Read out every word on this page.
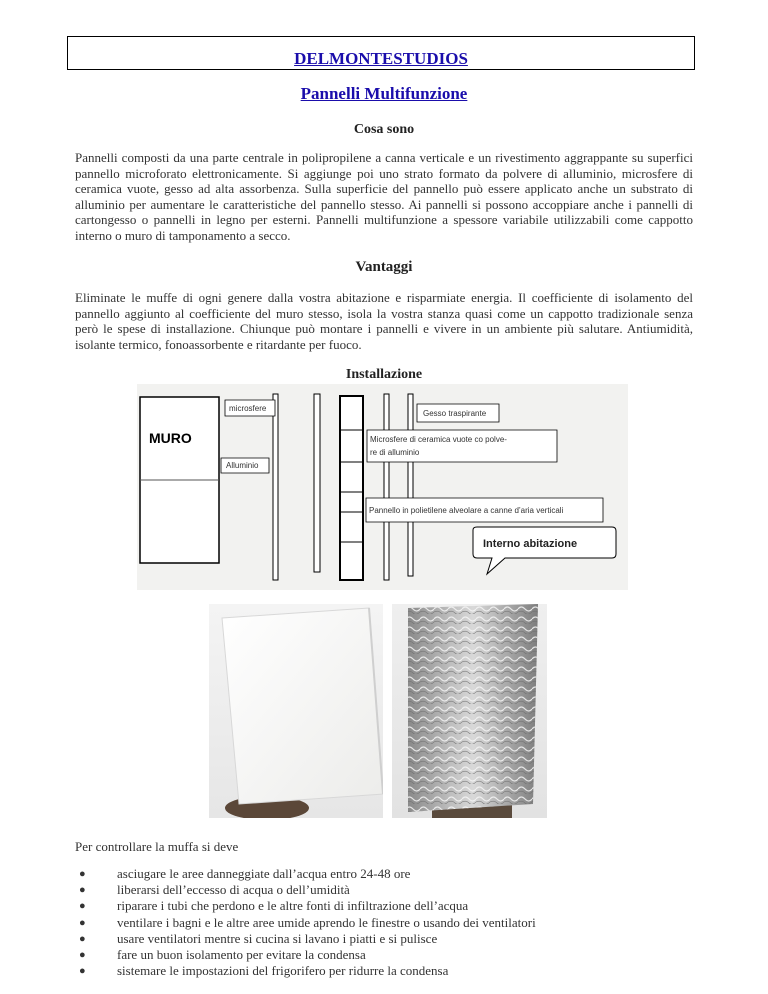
DELMONTESTUDIOS
Pannelli Multifunzione
Cosa sono
Pannelli composti da una parte centrale in polipropilene a canna verticale e un rivestimento aggrappante su superfici pannello microforato elettronicamente. Si aggiunge poi uno strato formato da polvere di alluminio, microsfere di ceramica vuote, gesso ad alta assorbenza. Sulla superficie del pannello può essere applicato anche un substrato di alluminio per aumentare le caratteristiche del pannello stesso. Ai pannelli si possono accoppiare anche i pannelli di cartongesso o pannelli in legno per esterni. Pannelli multifunzione a spessore variabile utilizzabili come cappotto interno o muro di tamponamento a secco.
Vantaggi
Eliminate le muffe di ogni genere dalla vostra abitazione e risparmiate energia. Il coefficiente di isolamento del pannello aggiunto al coefficiente del muro stesso, isola la vostra stanza quasi come un cappotto tradizionale senza però le spese di installazione. Chiunque può montare i pannelli e vivere in un ambiente più salutare. Antiumidità, isolante termico, fonoassorbente e ritardante per fuoco.
Installazione
MURO
microsfere
Alluminio
Gesso traspirante
Microsfere di ceramica vuote co polve-
re di alluminio
Pannello in polietilene alveolare a canne d’aria verticali
Interno abitazione
Per controllare la muffa si deve
● asciugare le aree danneggiate dall’acqua entro 24-48 ore
● liberarsi dell’eccesso di acqua o dell’umidità
● riparare i tubi che perdono e le altre fonti di infiltrazione dell’acqua
● ventilare i bagni e le altre aree umide aprendo le finestre o usando dei ventilatori
● usare ventilatori mentre si cucina si lavano i piatti e si pulisce
● fare un buon isolamento per evitare la condensa
● sistemare le impostazioni del frigorifero per ridurre la condensa
